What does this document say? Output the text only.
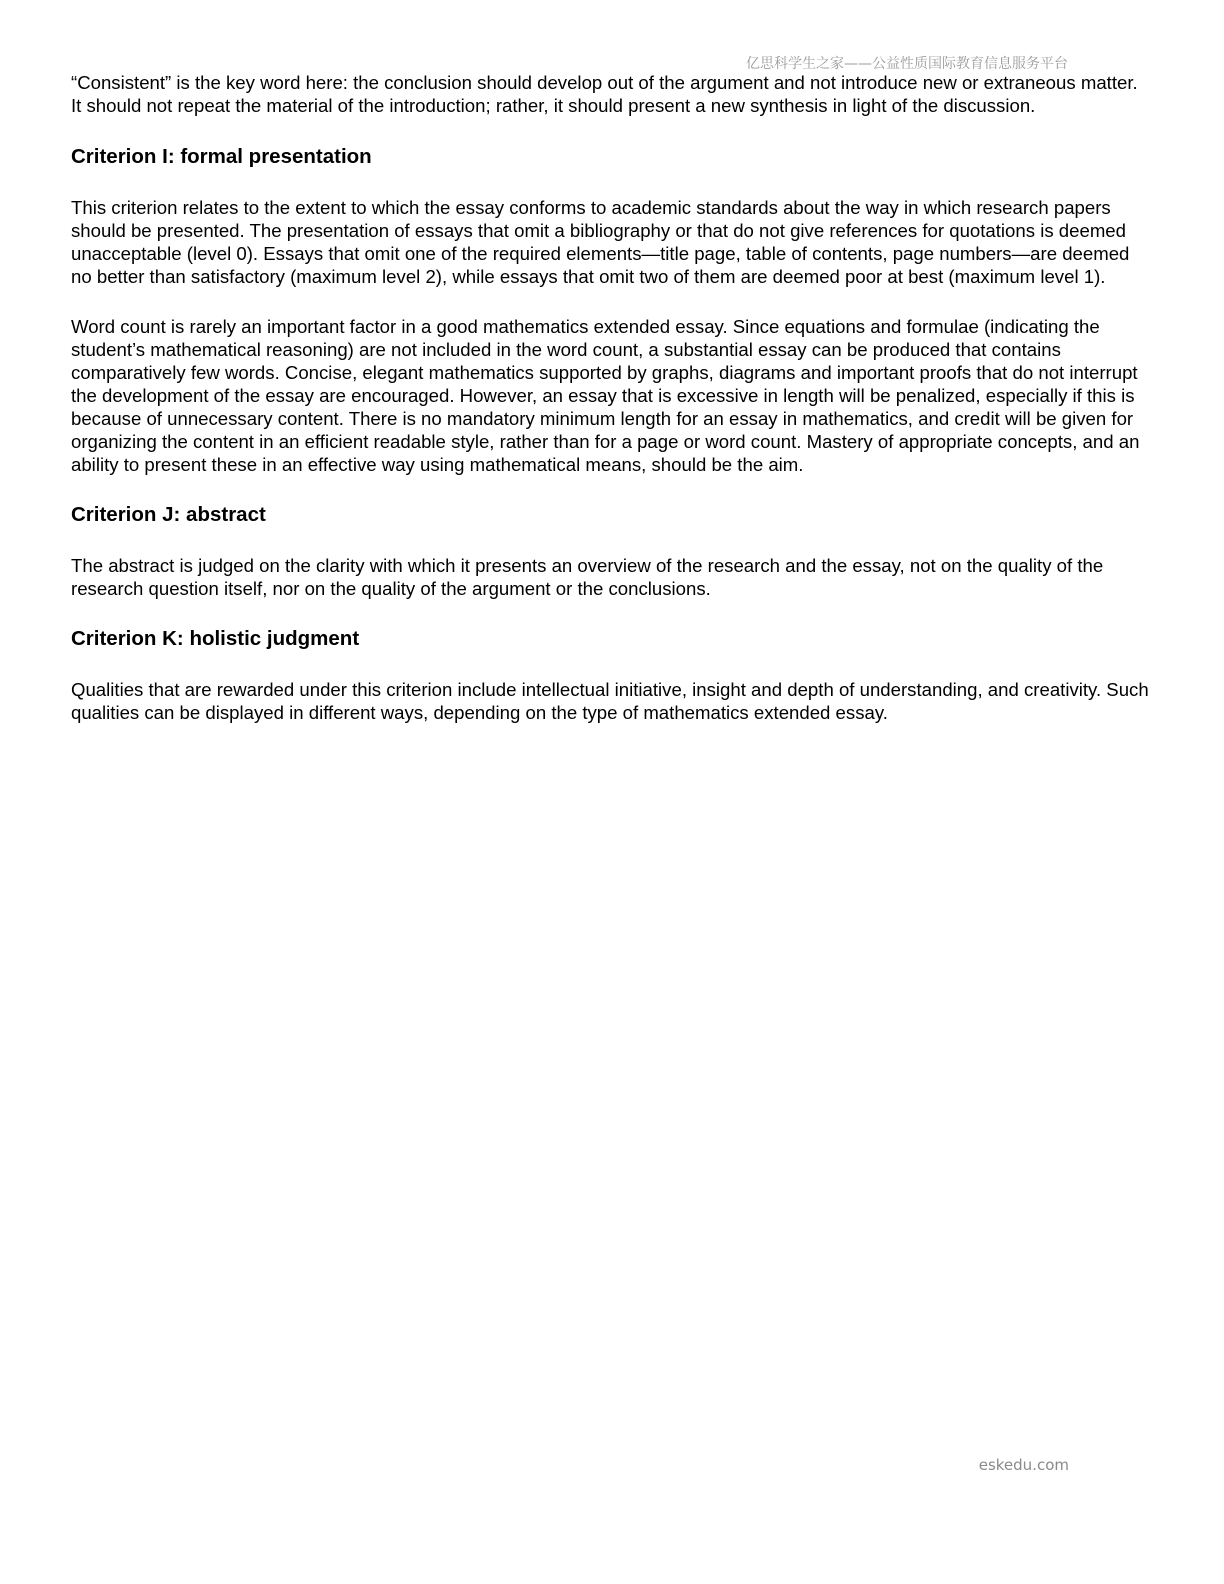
亿思科学生之家——公益性质国际教育信息服务平台

“Consistent” is the key word here: the conclusion should develop out of the argument and not introduce new or extraneous matter. It should not repeat the material of the introduction; rather, it should present a new synthesis in light of the discussion.

Criterion I: formal presentation

This criterion relates to the extent to which the essay conforms to academic standards about the way in which research papers should be presented. The presentation of essays that omit a bibliography or that do not give references for quotations is deemed unacceptable (level 0). Essays that omit one of the required elements—title page, table of contents, page numbers—are deemed no better than satisfactory (maximum level 2), while essays that omit two of them are deemed poor at best (maximum level 1).

Word count is rarely an important factor in a good mathematics extended essay. Since equations and formulae (indicating the student’s mathematical reasoning) are not included in the word count, a substantial essay can be produced that contains comparatively few words. Concise, elegant mathematics supported by graphs, diagrams and important proofs that do not interrupt the development of the essay are encouraged. However, an essay that is excessive in length will be penalized, especially if this is because of unnecessary content. There is no mandatory minimum length for an essay in mathematics, and credit will be given for organizing the content in an efficient readable style, rather than for a page or word count. Mastery of appropriate concepts, and an ability to present these in an effective way using mathematical means, should be the aim.

Criterion J: abstract

The abstract is judged on the clarity with which it presents an overview of the research and the essay, not on the quality of the research question itself, nor on the quality of the argument or the conclusions.

Criterion K: holistic judgment

Qualities that are rewarded under this criterion include intellectual initiative, insight and depth of understanding, and creativity. Such qualities can be displayed in different ways, depending on the type of mathematics extended essay.

eskedu.com
